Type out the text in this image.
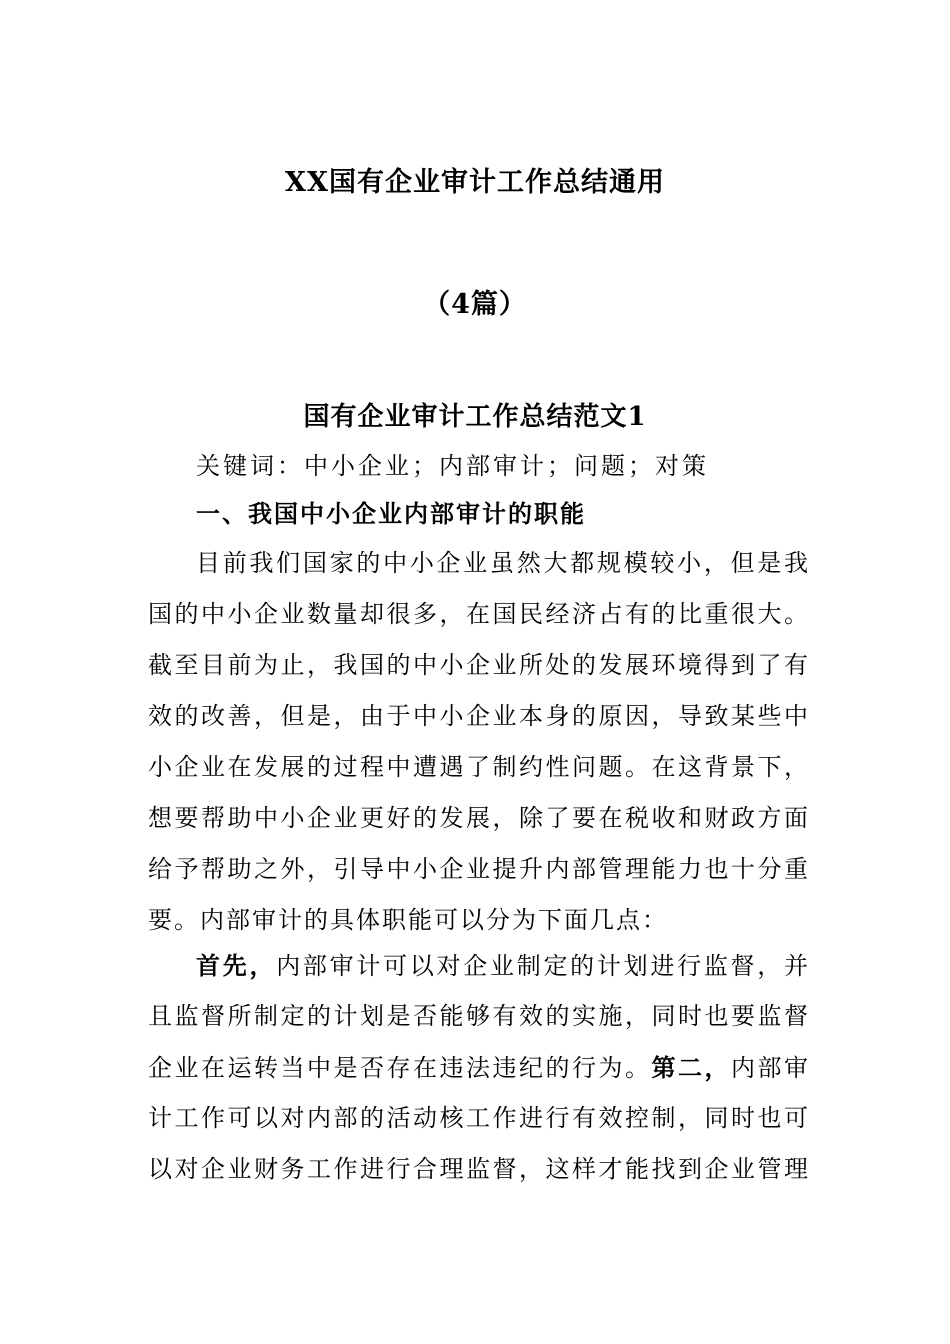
XX国有企业审计工作总结通用
（4篇）
国有企业审计工作总结范文1
关键词：中小企业；内部审计；问题；对策
一、我国中小企业内部审计的职能
目前我们国家的中小企业虽然大都规模较小，但是我
国的中小企业数量却很多，在国民经济占有的比重很大。
截至目前为止，我国的中小企业所处的发展环境得到了有
效的改善，但是，由于中小企业本身的原因，导致某些中
小企业在发展的过程中遭遇了制约性问题。在这背景下，
想要帮助中小企业更好的发展，除了要在税收和财政方面
给予帮助之外，引导中小企业提升内部管理能力也十分重
要。内部审计的具体职能可以分为下面几点：
首先，内部审计可以对企业制定的计划进行监督，并
且监督所制定的计划是否能够有效的实施，同时也要监督
企业在运转当中是否存在违法违纪的行为。第二，内部审
计工作可以对内部的活动核工作进行有效控制，同时也可
以对企业财务工作进行合理监督，这样才能找到企业管理
